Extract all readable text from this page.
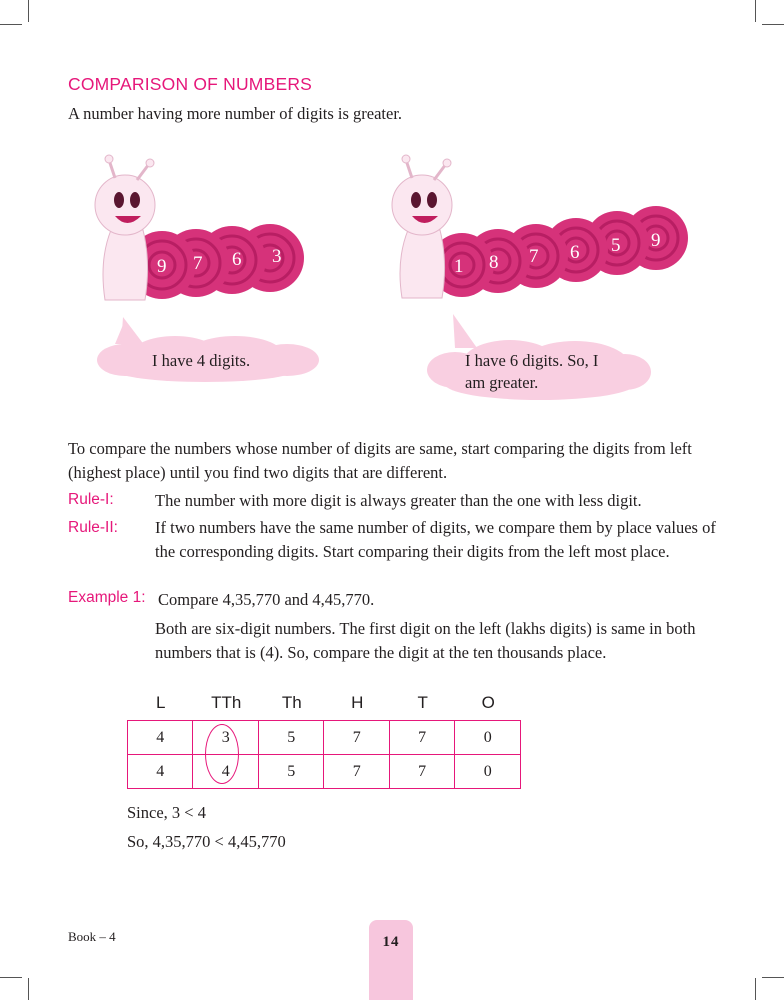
COMPARISON OF NUMBERS
A number having more number of digits is greater.
9 7 6 3	1 8 7 6 5 9
I have 4 digits.	I have 6 digits. So, I
am greater.
To compare the numbers whose number of digits are same, start comparing the digits from left (highest place) until you find two digits that are different.
Rule-I:	The number with more digit is always greater than the one with less digit.
Rule-II: If two numbers have the same number of digits, we compare them by place values of the corresponding digits. Start comparing their digits from the left most place.
Example 1: Compare 4,35,770 and 4,45,770.
Both are six-digit numbers. The first digit on the left (lakhs digits) is same in both numbers that is (4). So, compare the digit at the ten thousands place.
L	TTh	Th	H	T	O
4	3	5	7	7	0
4	4	5	7	7	0
Since, 3 < 4
So, 4,35,770 < 4,45,770
Book – 4	14
